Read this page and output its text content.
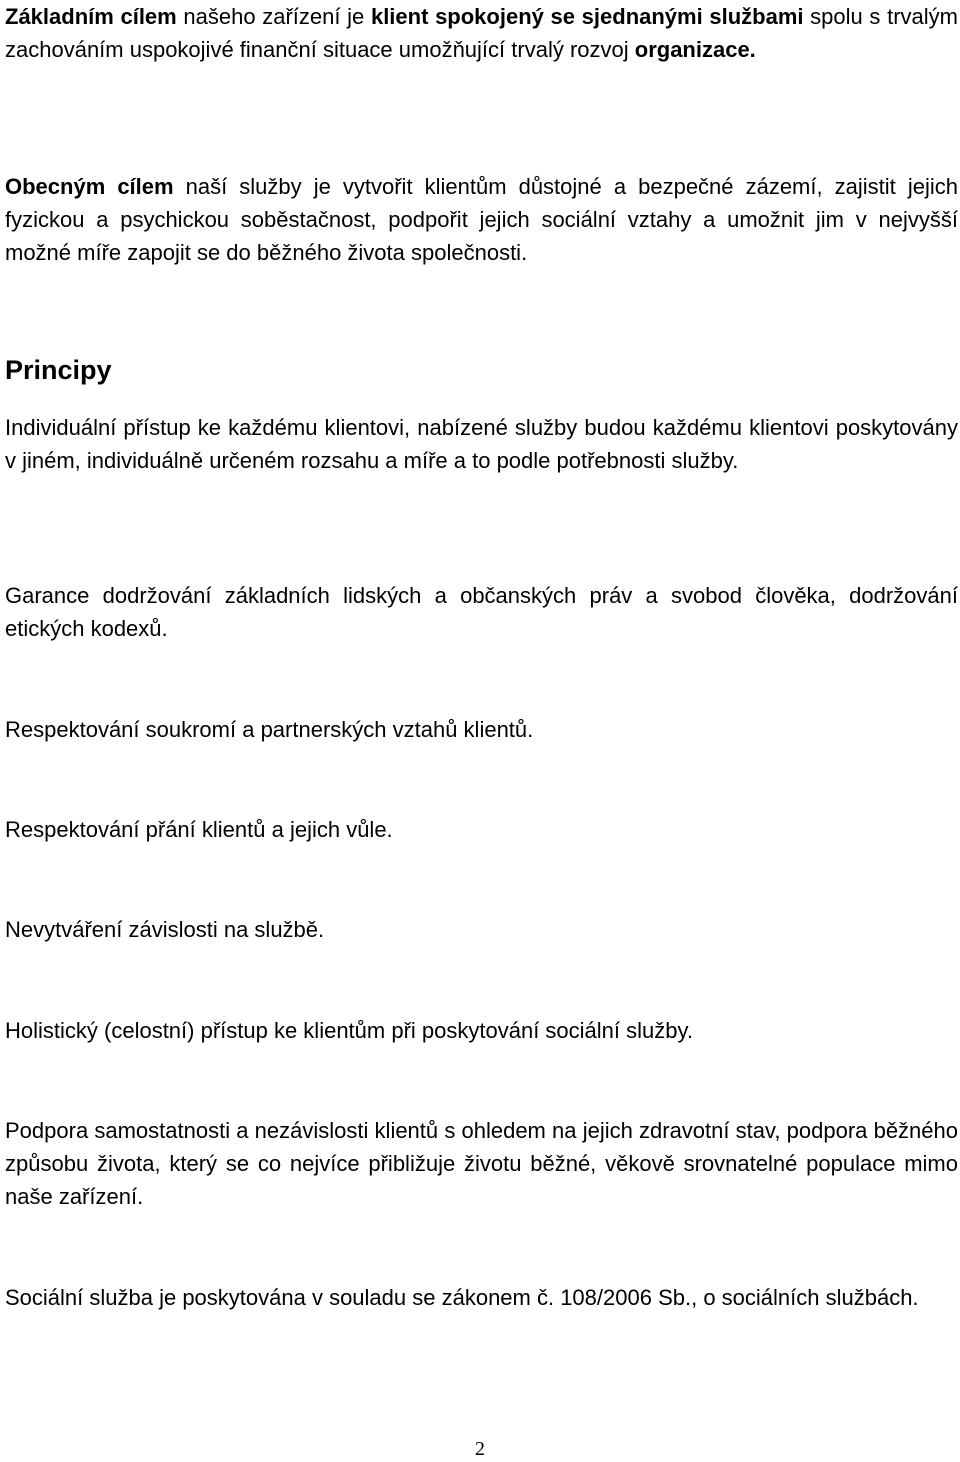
Základním cílem našeho zařízení je klient spokojený se sjednanými službami spolu s trvalým zachováním uspokojivé finanční situace umožňující trvalý rozvoj organizace.

Obecným cílem naší služby je vytvořit klientům důstojné a bezpečné zázemí, zajistit jejich fyzickou a psychickou soběstačnost, podpořit jejich sociální vztahy a umožnit jim v nejvyšší možné míře zapojit se do běžného života společnosti.

Principy

Individuální přístup ke každému klientovi, nabízené služby budou každému klientovi poskytovány v jiném, individuálně určeném rozsahu a míře a to podle potřebnosti služby.

Garance dodržování základních lidských a občanských práv a svobod člověka, dodržování etických kodexů.

Respektování soukromí a partnerských vztahů klientů.

Respektování přání klientů a jejich vůle.

Nevytváření závislosti na službě.

Holistický (celostní) přístup ke klientům při poskytování sociální služby.

Podpora samostatnosti a nezávislosti klientů s ohledem na jejich zdravotní stav, podpora běžného způsobu života, který se co nejvíce přibližuje životu běžné, věkově srovnatelné populace mimo naše zařízení.

Sociální služba je poskytována v souladu se zákonem č. 108/2006 Sb., o sociálních službách.

2
